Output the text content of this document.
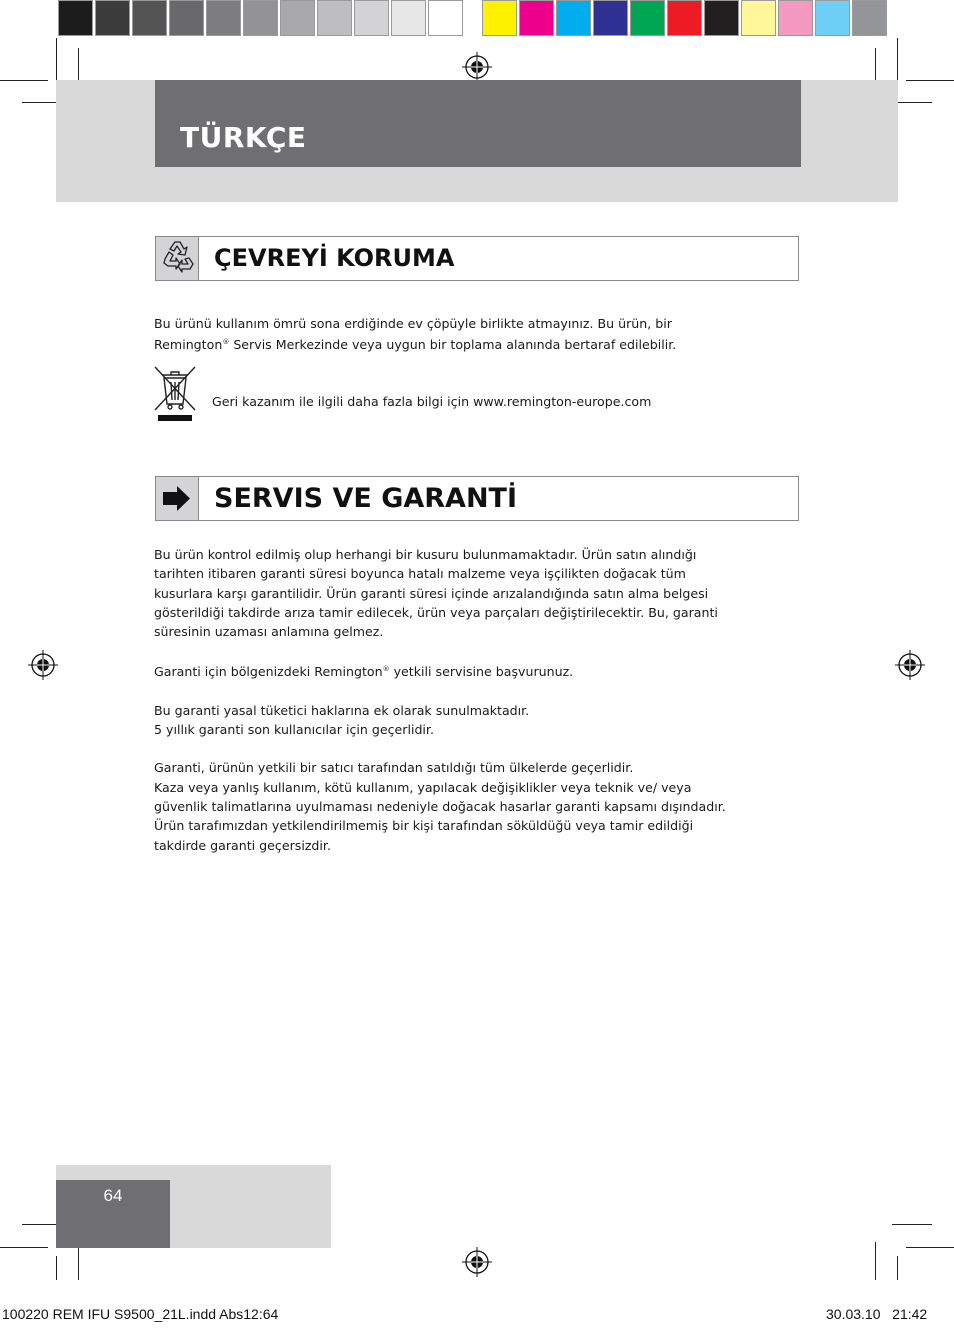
TÜRKÇE
ÇEVREYİ KORUMA

Bu ürünü kullanım ömrü sona erdiğinde ev çöpüyle birlikte atmayınız. Bu ürün, bir

Remington® Servis Merkezinde veya uygun bir toplama alanında bertaraf edilebilir.

Geri kazanım ile ilgili daha fazla bilgi için www.remington-europe.com
SERVIS VE GARANTİ

Bu ürün kontrol edilmiş olup herhangi bir kusuru bulunmamaktadır. Ürün satın alındığı

tarihten itibaren garanti süresi boyunca hatalı malzeme veya işçilikten doğacak tüm

kusurlara karşı garantilidir. Ürün garanti süresi içinde arızalandığında satın alma belgesi

gösterildiği takdirde arıza tamir edilecek, ürün veya parçaları değiştirilecektir. Bu, garanti

süresinin uzaması anlamına gelmez.

Garanti için bölgenizdeki Remington® yetkili servisine başvurunuz.

Bu garanti yasal tüketici haklarına ek olarak sunulmaktadır.

5 yıllık garanti son kullanıcılar için geçerlidir.

Garanti, ürünün yetkili bir satıcı tarafından satıldığı tüm ülkelerde geçerlidir.

Kaza veya yanlış kullanım, kötü kullanım, yapılacak değişiklikler veya teknik ve/ veya

güvenlik talimatlarına uyulmaması nedeniyle doğacak hasarlar garanti kapsamı dışındadır.

Ürün tarafımızdan yetkilendirilmemiş bir kişi tarafından söküldüğü veya tamir edildiği

takdirde garanti geçersizdir.

64
100220 REM IFU S9500_21L.indd Abs12:64	30.03.10   21:42
